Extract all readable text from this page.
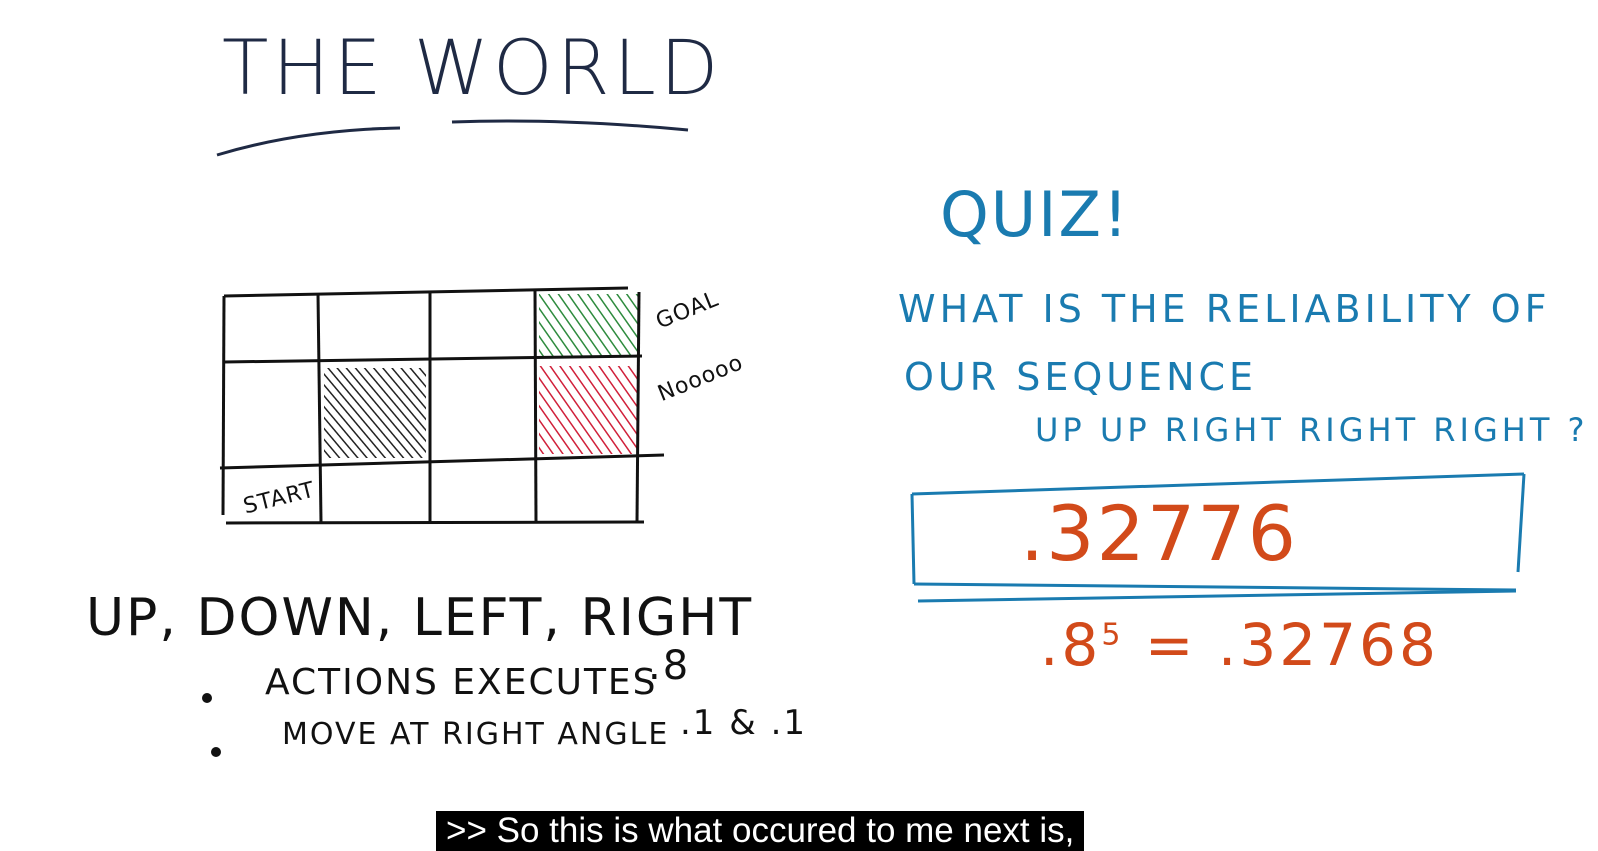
THE WORLD
GOAL
Nooooo
START
UP, DOWN, LEFT, RIGHT
ACTIONS EXECUTES
.8
MOVE AT RIGHT ANGLE .1 & .1
QUIZ!
WHAT IS THE RELIABILITY OF
OUR SEQUENCE
UP UP RIGHT RIGHT RIGHT ?
.32776
$.8^5 = .32768$
>> So this is what occured to me next is,
